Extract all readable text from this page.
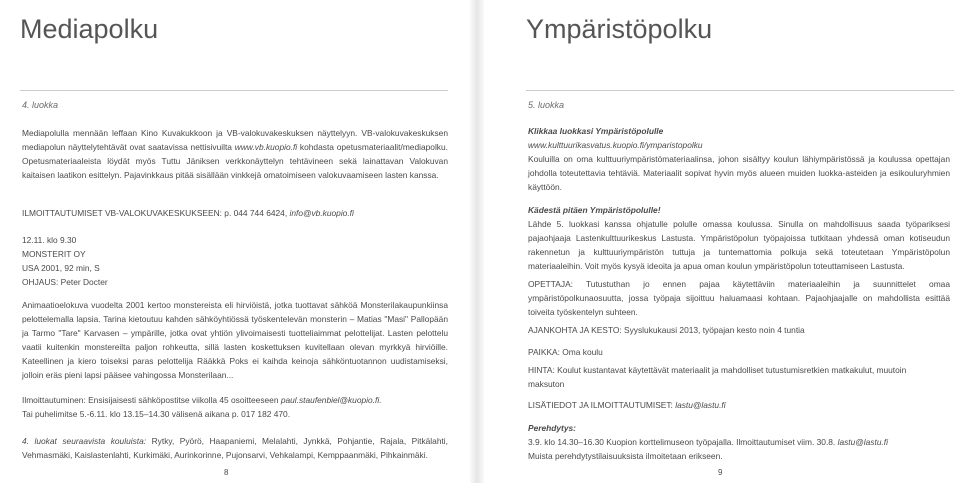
Mediapolku
4. luokka

Mediapolulla mennään leffaan Kino Kuvakukkoon ja VB-valokuvakeskuksen näyttelyyn. VB-valokuvakeskuksen mediapolun näyttelytehtävät ovat saatavissa nettisivuilta www.vb.kuopio.fi kohdasta opetusmateriaalit/mediapolku. Opetusmateriaaleista löydät myös Tuttu Jäniksen verkkonäyttelyn tehtävineen sekä lainattavan Valokuvan kaitaisen laatikon esittelyn. Pajavinkkaus pitää sisällään vinkkejä omatoimiseen valokuvaamiseen lasten kanssa.

ILMOITTAUTUMISET VB-VALOKUVAKESKUKSEEN: p. 044 744 6424, info@vb.kuopio.fi

12.11. klo 9.30
MONSTERIT OY
USA 2001, 92 min, S
OHJAUS: Peter Docter

Animaatioelokuva vuodelta 2001 kertoo monstereista eli hirviöistä, jotka tuottavat sähköä Monsterilakaupunkiinsa pelottelemalla lapsia. Tarina kietoutuu kahden sähköyhtiössä työskentelevän monsterin – Matias "Masi" Pallopään ja Tarmo "Tare" Karvasen – ympärille, jotka ovat yhtiön ylivoimaisesti tuotteliaimmat pelottelijat. Lasten pelottelu vaatii kuitenkin monstereilta paljon rohkeutta, sillä lasten koskettuksen kuvitellaan olevan myrkkyä hirviöille. Kateellinen ja kiero toiseksi paras pelottelija Rääkkä Poks ei kaihda keinoja sähköntuotannon uudistamiseksi, jolloin eräs pieni lapsi pääsee vahingossa Monsterilaan...

Ilmoittautuminen: Ensisijaisesti sähköpostitse viikolla 45 osoitteeseen paul.staufenbiel@kuopio.fi.
Tai puhelimitse 5.-6.11. klo 13.15–14.30 välisenä aikana p. 017 182 470.

4. luokat seuraavista kouluista: Rytky, Pyörö, Haapaniemi, Melalahti, Jynkkä, Pohjantie, Rajala, Pitkälahti, Vehmasmäki, Kaislastenlahti, Kurkimäki, Aurinkorinne, Pujonsarvi, Vehkalampi, Kemppaanmäki, Pihkainmäki.

8
Ympäristöpolku
5. luokka
Klikkaa luokkasi Ympäristöpolulle
www.kulttuurikasvatus.kuopio.fi/ymparistopolku

Kouluilla on oma kulttuuriympäristömateriaalinsa, johon sisältyy koulun lähiympäristössä ja koulussa opettajan johdolla toteutettavia tehtäviä. Materiaalit sopivat hyvin myös alueen muiden luokka-asteiden ja esikouluryhmien käyttöön.

Kädestä pitäen Ympäristöpolulle!

Lähde 5. luokkasi kanssa ohjatulle polulle omassa koulussa. Sinulla on mahdollisuus saada työpariksesi pajaohjaaja Lastenkulttuurikeskus Lastusta. Ympäristöpolun työpajoissa tutkitaan yhdessä oman kotiseudun rakennetun ja kulttuuriympäristön tuttuja ja tuntemattomia polkuja sekä toteutetaan Ympäristöpolun materiaaleihin. Voit myös kysyä ideoita ja apua oman koulun ympäristöpolun toteuttamiseen Lastusta.

OPETTAJA: Tutustuthan jo ennen pajaa käytettäviin materiaaleihin ja suunnittelet omaa ympäristöpolkunaosuutta, jossa työpaja sijoittuu haluamaasi kohtaan. Pajaohjaajalle on mahdollista esittää toiveita työskentelyn suhteen.

AJANKOHTA JA KESTO: Syyslukukausi 2013, työpajan kesto noin 4 tuntia

PAIKKA: Oma koulu

HINTA: Koulut kustantavat käytettävät materiaalit ja mahdolliset tutustumisretkien matkakulut, muutoin maksuton

LISÄTIEDOT JA ILMOITTAUTUMISET: lastu@lastu.fi

Perehdytys:
3.9. klo 14.30–16.30 Kuopion korttelimuseon työpajalla. Ilmoittautumiset viim. 30.8. lastu@lastu.fi
Muista perehdytystilaisuuksista ilmoitetaan erikseen.
9
